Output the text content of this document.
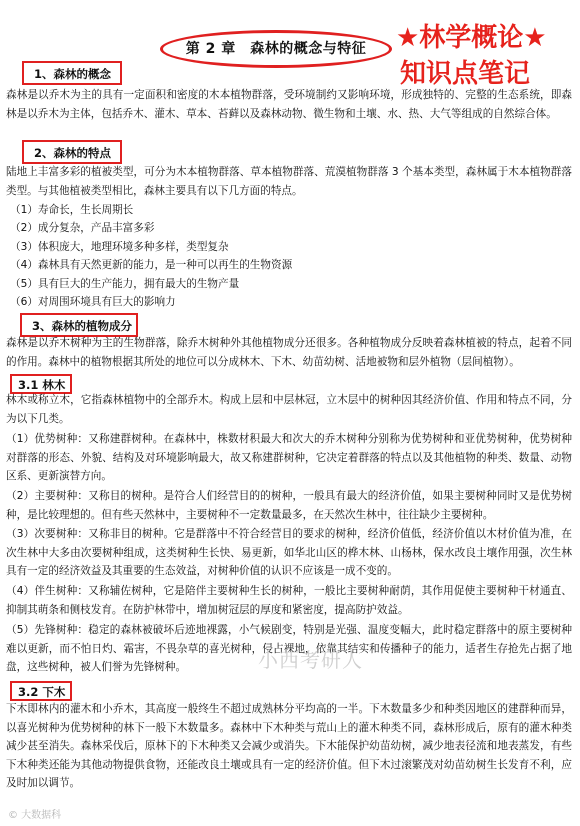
第 2 章　森林的概念与特征	★林学概论★
知识点笔记
1、森林的概念
森林是以乔木为主的具有一定面积和密度的木本植物群落，受环境制约又影响环境，形成独特的、完整的生态系统，即森林是以乔木为主体，包括乔木、灌木、草本、苔藓以及森林动物、微生物和土壤、水、热、大气等组成的自然综合体。
2、森林的特点
陆地上丰富多彩的植被类型，可分为木本植物群落、草本植物群落、荒漠植物群落 3 个基本类型，森林属于木本植物群落类型。与其他植被类型相比，森林主要具有以下几方面的特点。
（1）寿命长，生长周期长
（2）成分复杂，产品丰富多彩
（3）体积庞大，地理环境多种多样，类型复杂
（4）森林具有天然更新的能力，是一种可以再生的生物资源
（5）具有巨大的生产能力，拥有最大的生物产量
（6）对周围环境具有巨大的影响力
3、森林的植物成分
森林是以乔木树种为主的生物群落，除乔木树种外其他植物成分还很多。各种植物成分反映着森林植被的特点，起着不同的作用。森林中的植物根据其所处的地位可以分成林木、下木、幼苗幼树、活地被物和层外植物（层间植物）。
3.1 林木
林木或称立木，它指森林植物中的全部乔木。构成上层和中层林冠，立木层中的树种因其经济价值、作用和特点不同，分为以下几类。
（1）优势树种：又称建群树种。在森林中，株数材积最大和次大的乔木树种分别称为优势树种和亚优势树种，优势树种对群落的形态、外貌、结构及对环境影响最大，故又称建群树种，它决定着群落的特点以及其他植物的种类、数量、动物区系、更新演替方向。
（2）主要树种：又称目的树种。是符合人们经营目的的树种，一般具有最大的经济价值，如果主要树种同时又是优势树种，是比较理想的。但有些天然林中，主要树种不一定数量最多，在天然次生林中，往往缺少主要树种。
（3）次要树种：又称非目的树种。它是群落中不符合经营目的要求的树种，经济价值低，经济价值以木材价值为准，在次生林中大多由次要树种组成，这类树种生长快、易更新，如华北山区的桦木林、山杨林，保水改良土壤作用强，次生林具有一定的经济效益及其重要的生态效益，对树种价值的认识不应该是一成不变的。
（4）伴生树种：又称辅佐树种，它是陪伴主要树种生长的树种，一般比主要树种耐荫，其作用促使主要树种干材通直、抑制其萌条和侧枝发育。在防护林带中，增加树冠层的厚度和紧密度，提高防护效益。
（5）先锋树种：稳定的森林被破坏后迹地裸露，小气候剧变，特别是光强、温度变幅大，此时稳定群落中的原主要树种难以更新，而不怕日灼、霜害，不畏杂草的喜光树种，侵占裸地，依靠其结实和传播种子的能力，适者生存抢先占据了地盘，这些树种，被人们誉为先锋树种。
3.2 下木
下木即林内的灌木和小乔木，其高度一般终生不超过成熟林分平均高的一半。下木数量多少和种类因地区的建群种而异，以喜光树种为优势树种的林下一般下木数量多。森林中下木种类与荒山上的灌木种类不同，森林形成后，原有的灌木种类减少甚至消失。森林采伐后，原林下的下木种类又会减少或消失。下木能保护幼苗幼树，减少地表径流和地表蒸发，有些下木种类还能为其他动物提供食物，还能改良土壤或具有一定的经济价值。但下木过滚繁茂对幼苗幼树生长发育不利，应及时加以调节。
小西考研人
© 大数据科
